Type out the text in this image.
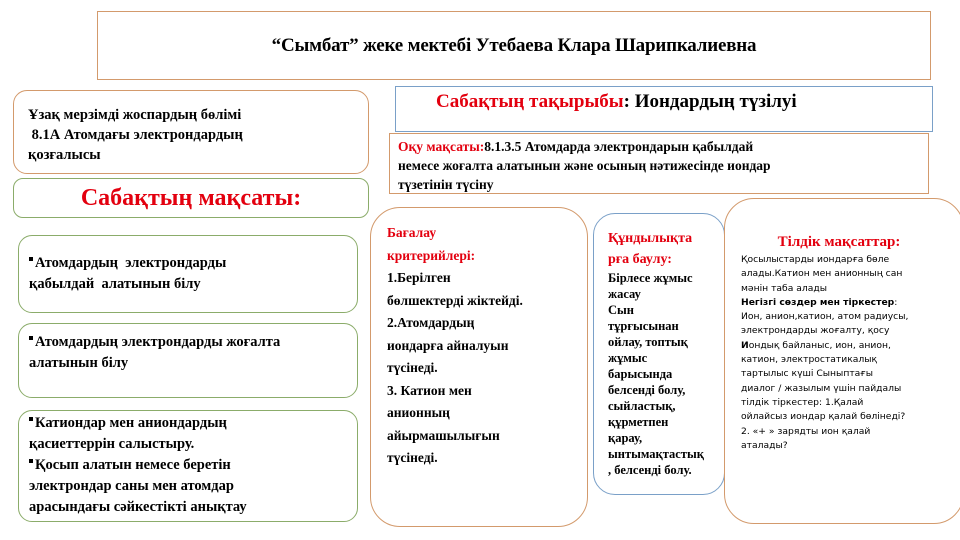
“Сымбат” жеке мектебі Утебаева Клара Шарипкалиевна
Ұзақ мерзімді жоспардың бөлімі
8.1А Атомдағы электрондардың
қозғалысы
Сабақтың мақсаты:
Атомдардың  электрондарды
қабылдай  алатынын білу
Атомдардың электрондарды жоғалта
алатынын білу
Катиондар мен аниондардың
қасиеттеррін салыстыру.
Қосып алатын немесе беретін
электрондар саны мен атомдар
арасындағы сәйкестікті анықтау
Сабақтың тақырыбы: Иондардың түзілуі
Оқу мақсаты:8.1.3.5 Атомдарда электрондарын қабылдай
немесе жоғалта алатынын және осының нәтижесінде иондар
түзетінін түсіну
Бағалау
критерийлері:
1.Берілген
бөлшектерді жіктейді.
2.Атомдардың
иондарға айналуын
түсінеді.
3. Катион мен
анионның
айырмашылығын
түсінеді.
Құндылықта
рға баулу:
Бірлесе жұмыс
жасау
Сын
тұрғысынан
ойлау, топтық
жұмыс
барысында
белсенді болу,
сыйластық,
құрметпен
қарау,
ынтымақтастық
, белсенді болу.
Тілдік мақсаттар:
Қосылыстарды иондарға бөле
алады.Катион мен анионның сан
мәнін таба алады
Негізгі сөздер мен тіркестер:
Ион, анион,катион, атом радиусы,
электрондарды жоғалту, қосу
Иондық байланыс, ион, анион,
катион, электростатикалық
тартылыс күші Сыныптағы
диалог / жазылым үшін пайдалы
тілдік тіркестер: 1.Қалай
ойлайсыз иондар қалай бөлінеді?
2. «+ » зарядты ион қалай
аталады?
